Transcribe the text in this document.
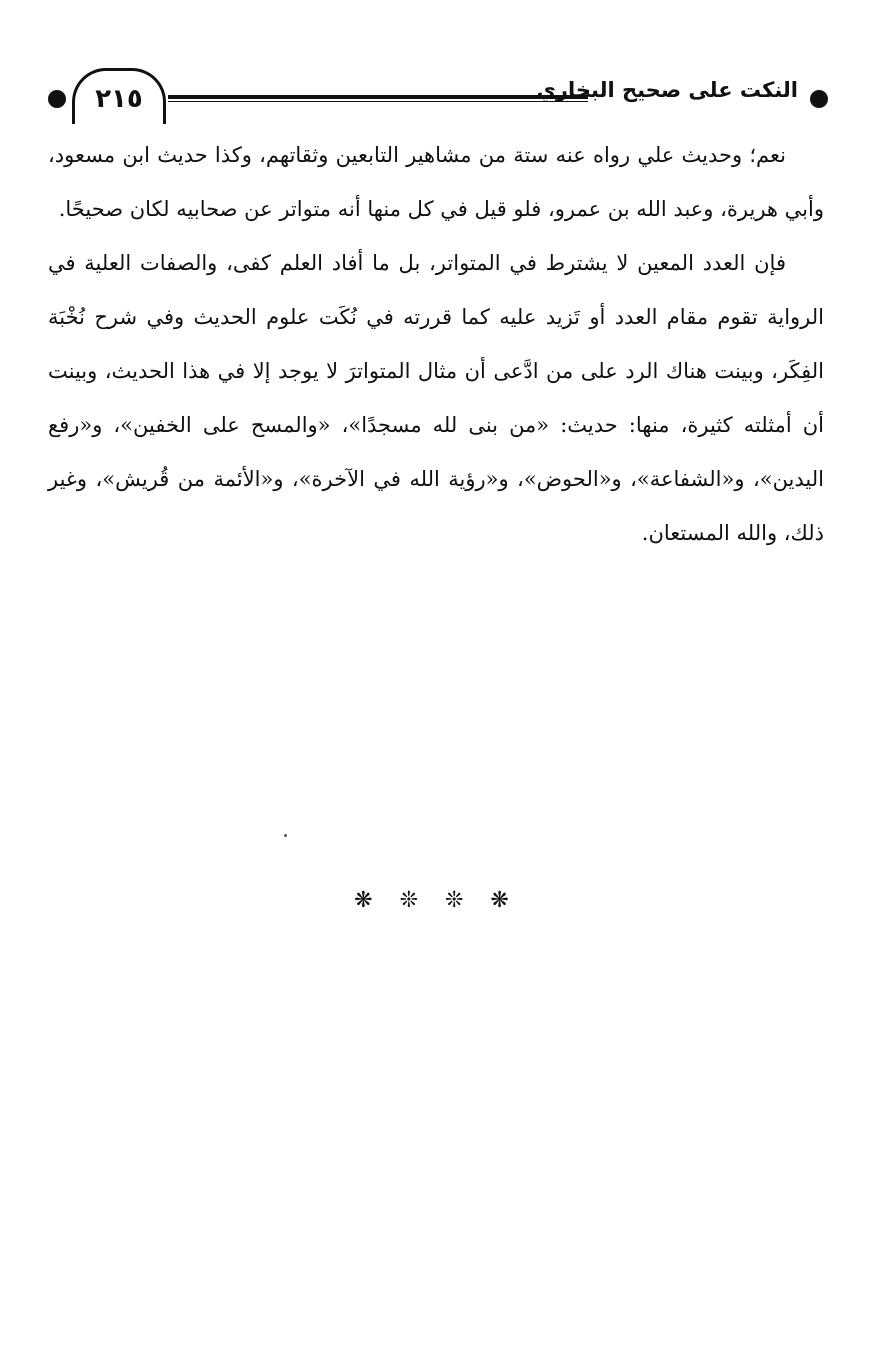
٢١٥	النكت على صحيح البخاري

نعم؛ وحديث علي رواه عنه ستة من مشاهير التابعين وثقاتهم، وكذا حديث ابن مسعود، وأبي هريرة، وعبد الله بن عمرو، فلو قيل في كل منها أنه متواتر عن صحابيه لكان صحيحًا.

فإن العدد المعين لا يشترط في المتواتر، بل ما أفاد العلم كفى، والصفات العلية في الرواية تقوم مقام العدد أو تَزيد عليه كما قررته في نُكَت علوم الحديث وفي شرح نُخْبَة الفِكَر، وبينت هناك الرد على من ادَّعى أن مثال المتواترَ لا يوجد إلا في هذا الحديث، وبينت أن أمثلته كثيرة، منها: حديث: «من بنى لله مسجدًا»، «والمسح على الخفين»، و«رفع اليدين»، و«الشفاعة»، و«الحوض»، و«رؤية الله في الآخرة»، و«الأئمة من قُريش»، وغير ذلك، والله المستعان.

❋ ❊ ❊ ❋
